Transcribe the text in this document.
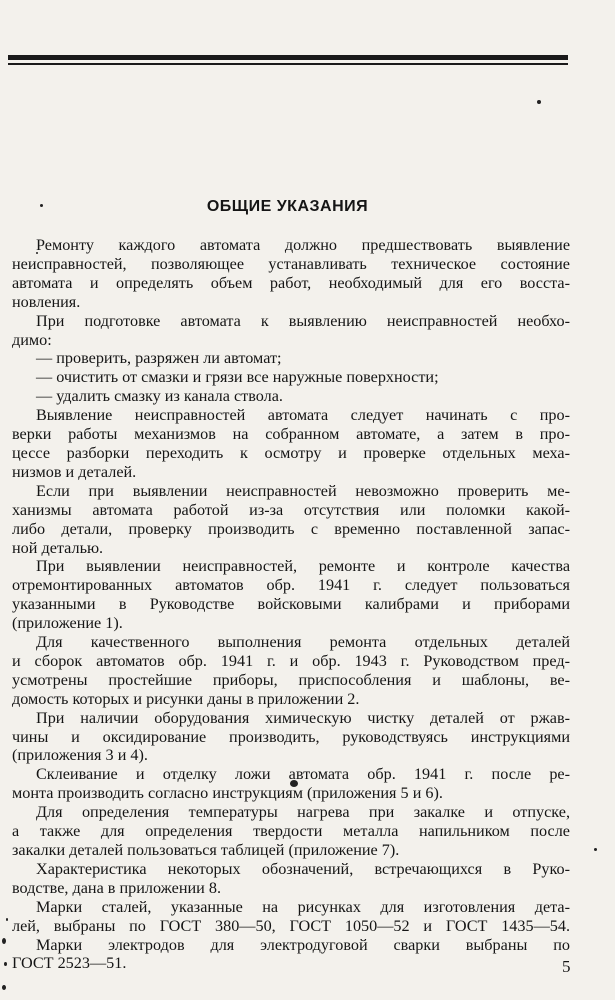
ОБЩИЕ УКАЗАНИЯ
Ремонту каждого автомата должно предшествовать выявление
неисправностей, позволяющее устанавливать техническое состояние
автомата и определять объем работ, необходимый для его восста-
новления.
При подготовке автомата к выявлению неисправностей необхо-
димо:
— проверить, разряжен ли автомат;
— очистить от смазки и грязи все наружные поверхности;
— удалить смазку из канала ствола.
Выявление неисправностей автомата следует начинать с про-
верки работы механизмов на собранном автомате, а затем в про-
цессе разборки переходить к осмотру и проверке отдельных меха-
низмов и деталей.
Если при выявлении неисправностей невозможно проверить ме-
ханизмы автомата работой из-за отсутствия или поломки какой-
либо детали, проверку производить с временно поставленной запас-
ной деталью.
При выявлении неисправностей, ремонте и контроле качества
отремонтированных автоматов обр. 1941 г. следует пользоваться
указанными в Руководстве войсковыми калибрами и приборами
(приложение 1).
Для качественного выполнения ремонта отдельных деталей
и сборок автоматов обр. 1941 г. и обр. 1943 г. Руководством пред-
усмотрены простейшие приборы, приспособления и шаблоны, ве-
домость которых и рисунки даны в приложении 2.
При наличии оборудования химическую чистку деталей от ржав-
чины и оксидирование производить, руководствуясь инструкциями
(приложения 3 и 4).
Склеивание и отделку ложи автомата обр. 1941 г. после ре-
монта производить согласно инструкциям (приложения 5 и 6).
Для определения температуры нагрева при закалке и отпуске,
а также для определения твердости металла напильником после
закалки деталей пользоваться таблицей (приложение 7).
Характеристика некоторых обозначений, встречающихся в Руко-
водстве, дана в приложении 8.
Марки сталей, указанные на рисунках для изготовления дета-
лей, выбраны по ГОСТ 380—50, ГОСТ 1050—52 и ГОСТ 1435—54.
Марки электродов для электродуговой сварки выбраны по
ГОСТ 2523—51.	5
